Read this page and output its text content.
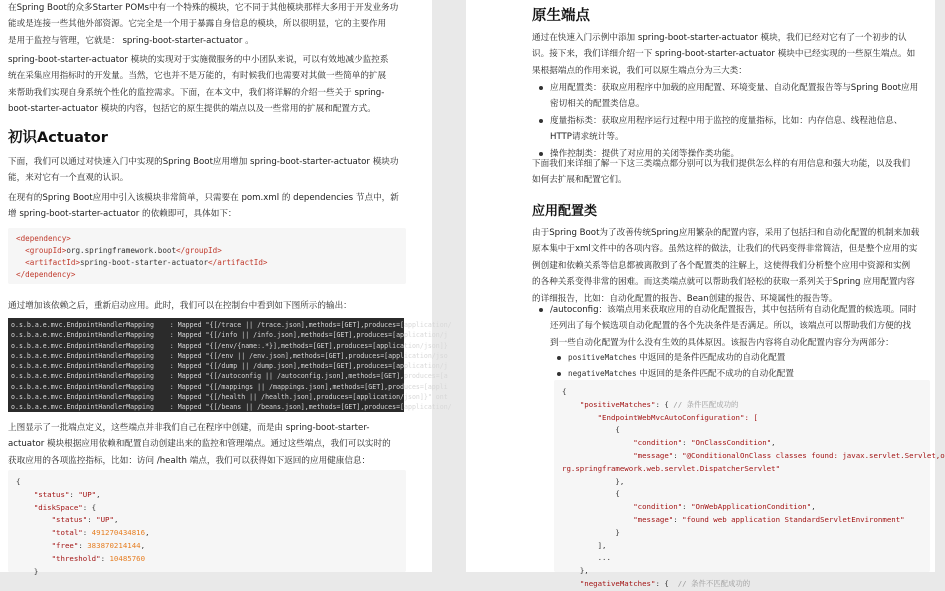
在Spring Boot的众多Starter POMs中有一个特殊的模块，它不同于其他模块那样大多用于开发业务功
能或是连接一些其他外部资源。它完全是一个用于暴露自身信息的模块，所以很明显，它的主要作用
是用于监控与管理，它就是： spring-boot-starter-actuator 。
spring-boot-starter-actuator 模块的实现对于实施微服务的中小团队来说，可以有效地减少监控系
统在采集应用指标时的开发量。当然，它也并不是万能的，有时候我们也需要对其做一些简单的扩展
来帮助我们实现自身系统个性化的监控需求。下面，在本文中，我们将详解的介绍一些关于 spring-
boot-starter-actuator 模块的内容，包括它的原生提供的端点以及一些常用的扩展和配置方式。
初识Actuator
下面，我们可以通过对快速入门中实现的Spring Boot应用增加 spring-boot-starter-actuator 模块功
能，来对它有一个直观的认识。
在现有的Spring Boot应用中引入该模块非常简单，只需要在 pom.xml 的 dependencies 节点中，新
增 spring-boot-starter-actuator 的依赖即可，具体如下：
<dependency>
<groupId>org.springframework.boot</groupId>
<artifactId>spring-boot-starter-actuator</artifactId>
</dependency>
通过增加该依赖之后，重新启动应用。此时，我们可以在控制台中看到如下图所示的输出：
o.s.b.a.e.mvc.EndpointHandlerMapping    : Mapped "{[/trace || /trace.json],methods=[GET],produces=[application/
o.s.b.a.e.mvc.EndpointHandlerMapping    : Mapped "{[/info || /info.json],methods=[GET],produces=[application/j
o.s.b.a.e.mvc.EndpointHandlerMapping    : Mapped "{[/env/{name:.*}],methods=[GET],produces=[application/json]}
o.s.b.a.e.mvc.EndpointHandlerMapping    : Mapped "{[/env || /env.json],methods=[GET],produces=[application/jso
o.s.b.a.e.mvc.EndpointHandlerMapping    : Mapped "{[/dump || /dump.json],methods=[GET],produces=[application/j
o.s.b.a.e.mvc.EndpointHandlerMapping    : Mapped "{[/autoconfig || /autoconfig.json],methods=[GET],produces=[a
o.s.b.a.e.mvc.EndpointHandlerMapping    : Mapped "{[/mappings || /mappings.json],methods=[GET],produces=[appli
o.s.b.a.e.mvc.EndpointHandlerMapping    : Mapped "{[/health || /health.json],produces=[application/json]}" ont
o.s.b.a.e.mvc.EndpointHandlerMapping    : Mapped "{[/beans || /beans.json],methods=[GET],produces=[application/
上图显示了一批端点定义，这些端点并非我们自己在程序中创建，而是由 spring-boot-starter-
actuator 模块根据应用依赖和配置自动创建出来的监控和管理端点。通过这些端点，我们可以实时的
获取应用的各项监控指标，比如：访问 /health 端点，我们可以获得如下返回的应用健康信息：
{
"status": "UP",
"diskSpace": {
"status": "UP",
"total": 491270434816,
"free": 383870214144,
"threshold": 10485760
}
原生端点
通过在快速入门示例中添加 spring-boot-starter-actuator 模块，我们已经对它有了一个初步的认
识。接下来，我们详细介绍一下 spring-boot-starter-actuator 模块中已经实现的一些原生端点。如
果根据端点的作用来说，我们可以原生端点分为三大类：
应用配置类：获取应用程序中加载的应用配置、环境变量、自动化配置报告等与Spring Boot应用
密切相关的配置类信息。
度量指标类：获取应用程序运行过程中用于监控的度量指标，比如：内存信息、线程池信息、
HTTP请求统计等。
操作控制类：提供了对应用的关闭等操作类功能。
下面我们来详细了解一下这三类端点都分别可以为我们提供怎么样的有用信息和强大功能，以及我们
如何去扩展和配置它们。
应用配置类
由于Spring Boot为了改善传统Spring应用繁杂的配置内容，采用了包括扫和自动化配置的机制来加载
原本集中于xml文件中的各项内容。虽然这样的做法，让我们的代码变得非常简洁，但是整个应用的实
例创建和依赖关系等信息都被离散到了各个配置类的注解上，这使得我们分析整个应用中资源和实例
的各种关系变得非常的困难。而这类端点就可以帮助我们轻松的获取一系列关于Spring 应用配置内容
的详细报告，比如：自动化配置的报告、Bean创建的报告、环境属性的报告等。
/autoconfig：该端点用来获取应用的自动化配置报告，其中包括所有自动化配置的候选项。同时
还列出了每个候选项自动化配置的各个先决条件是否满足。所以，该端点可以帮助我们方便的找
到一些自动化配置为什么没有生效的具体原因。该报告内容将自动化配置内容分为两部分：
positiveMatches 中返回的是条件匹配成功的自动化配置
negativeMatches 中返回的是条件匹配不成功的自动化配置
{
"positiveMatches": { // 条件匹配成功的
"EndpointWebMvcAutoConfiguration": [
{
"condition": "OnClassCondition",
"message": "@ConditionalOnClass classes found: javax.servlet.Servlet,o
rg.springframework.web.servlet.DispatcherServlet"
},
{
"condition": "OnWebApplicationCondition",
"message": "found web application StandardServletEnvironment"
}
],
...
},
"negativeMatches": {  // 条件不匹配成功的
